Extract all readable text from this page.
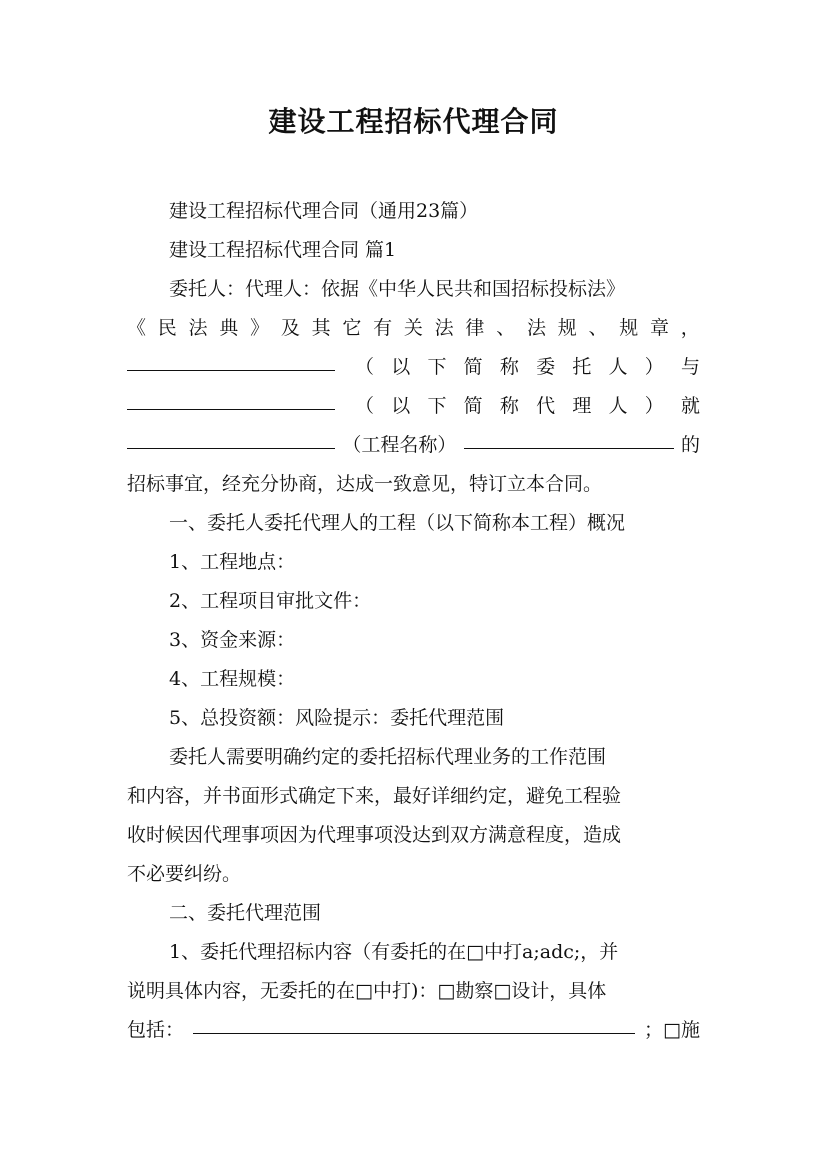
建设工程招标代理合同
建设工程招标代理合同（通用23篇）
建设工程招标代理合同 篇1
委托人：代理人：依据《中华人民共和国招标投标法》
《 民 法 典 》 及 其 它 有 关 法 律 、 法 规 、 规 章 ，
（ 以 下 简 称 委 托 人 ） 与
（ 以 下 简 称 代 理 人 ） 就
（工程名称）	的
招标事宜，经充分协商，达成一致意见，特订立本合同。
一、委托人委托代理人的工程（以下简称本工程）概况
1、工程地点：
2、工程项目审批文件：
3、资金来源：
4、工程规模：
5、总投资额：风险提示：委托代理范围
委托人需要明确约定的委托招标代理业务的工作范围
和内容，并书面形式确定下来，最好详细约定，避免工程验
收时候因代理事项因为代理事项没达到双方满意程度，造成
不必要纠纷。
二、委托代理范围
1、委托代理招标内容（有委托的在□中打a;adc;，并
说明具体内容，无委托的在□中打)：□勘察□设计，具体
包括：	；□施
